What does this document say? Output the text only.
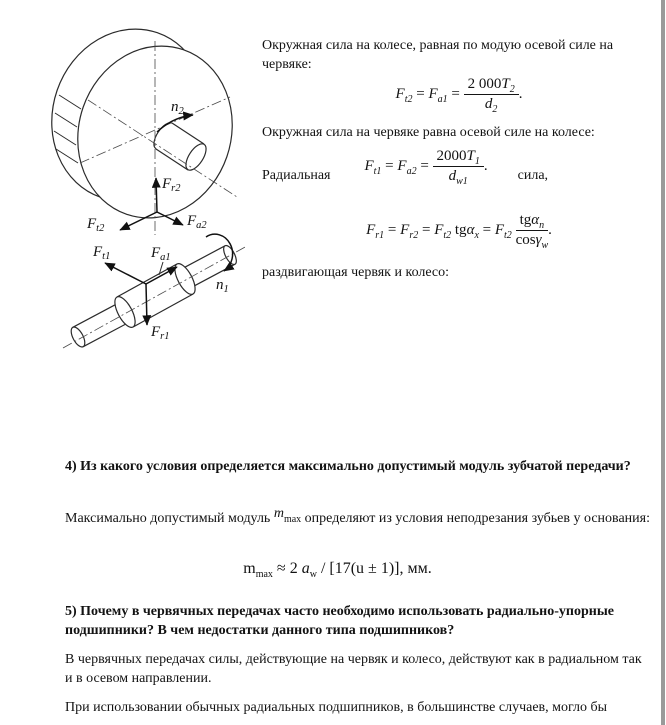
$n_2$
$F_{r2}$
$F_{t2}$	$F_{a2}$
$F_{t1}$	$F_{a1}$
$F_{r1}$
$n_1$
Окружная сила на колесе, равная по модую осевой силе на червяке:
$F_{t2} = F_{a1} = \frac{2 000T_2}{d_2}$ .
Окружная сила на червяке равна осевой силе на колесе:
Радиальная
$F_{t1} = F_{a2} = \frac{2000T_1}{d_{w1}}$ .
сила,
$F_{r1} = F_{r2} = F_{t2}$ $tg\alpha_x = F_{t2} \frac{tg\alpha_n}{\cos\gamma_w}$ .
раздвигающая червяк и колесо:
4) Из какого условия определяется максимально допустимый модуль зубчатой передачи?
Максимально допустимый модуль mmax определяют из условия неподрезания зубьев у основания:
$m_{max} \approx 2$ $a_w / [17(u \pm 1)]$, мм.
5) Почему в червячных передачах часто необходимо использовать радиально-упорные подшипники? В чем недостатки данного типа подшипников?
В червячных передачах силы, действующие на червяк и колесо, действуют как в радиальном так и в осевом направлении.
При использовании обычных радиальных подшипников, в большинстве случаев, могло бы
